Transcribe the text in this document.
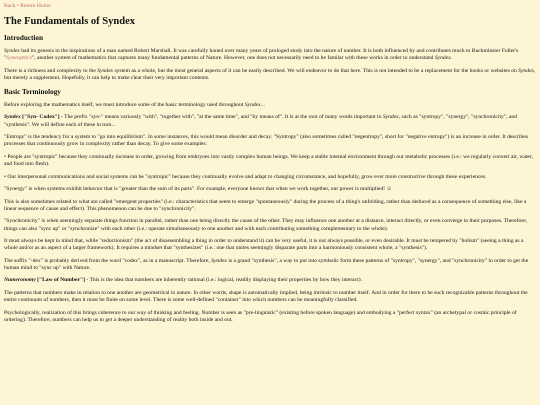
Back • Return Home
The Fundamentals of Syndex
Introduction

Syndex had its genesis in the inspirations of a man named Robert Marshall. It was carefully honed over many years of prologed study into the nature of number. It is both influenced by and contributes much to Buckminster Fuller's "Synergetics", another system of mathematics that captures many fundamental patterns of Nature. However, one does not necessarily need to be familar with these works in order to understand Syndex.

There is a richness and complexity to the Syndex system as a whole, but the most general aspects of it can be easily described. We will endeavor to do that here. This is not intended to be a replacement for the books or websites on Syndex, but merely a supplement. Hopefully, it can help to make clear their very important contents.

Basic Terminology

Before exploring the mathematics itself, we must introduce some of the basic terminology used throughout Syndex...

Syndex ["Syn- Codex"] - The prefix "syn-" means variously "with", "together with", "at the same time", and "by means of". It is at the root of many words important to Syndex, such as "syntropy", "synergy", "synchronicity", and "synthesis". We will define each of these in turn...

"Entropy" is the tendency for a system to "go into equilibrium". In some instances, this would mean disorder and decay. "Syntropy" (also sometimes called "negentropy", short for "negative entropy") is an increase in order. It describes processes that continuously grow in complexity rather than decay. To give some examples:

• People are "syntropic" because they continually increase in order, growing from embryoes into vastly complex human beings. We keep a stable internal environment through our metabolic processes (i.e.: we regularly convert air, water, and food into flesh).

• Our interpersonal communications and social systems can be "syntropic" because they continually evolve and adapt to changing circumstance, and hopefully, grow ever more constructive through these experiences.

"Synergy" is when systems exhibit behavior that is "greater than the sum of its parts". For example, everyone knows that when we work together, our power is multiplied! ☺

This is also sometimes related to what are called "emergent properties" (i.e.: characteristics that seem to emerge "spontaneously" during the process of a thing's unfolding, rather than deduced as a consequence of something else, like a linear sequence of cause and effect). This phenomenon can be due to "synchronicity".

"Synchronicity" is when seemingly separate things function in parallel, rather than one being directly the cause of the other. They may influence one another at a distance, interact directly, or even converge in their purposes. Therefore, things can also "sync up" or "synchronize" with each other (i.e.: operate simultaneously to one another and with each contributing something complementary to the whole).

It must always be kept in mind that, while "reductionism" (the act of disassembling a thing in order to understand it) can be very useful, it is not always possible, or even desirable. It must be tempered by "holism" (seeing a thing as a whole and/or as an aspect of a larger framework). It requires a mindset that "synthesizes" (i.e.: one that unites seemingly disparate parts into a harmoniously consistent whole, a "synthesis").

The suffix "-dex" is probably derived from the word "codex", as in a manuscript. Therefore, Syndex is a grand "synthesis", a way to put into symbolic form these patterns of "syntropy", "synergy", and "synchronicity" in order to get the human mind to "sync up" with Nature.

Numeronomy ["Law of Number"] - This is the idea that numbers are inherently rational (i.e.: logical, readily displaying their properties by how they interact).

The patterns that numbers make in relation to one another are geometrical in nature. In other words, shape is automatically implied, being intrinsic to number itself. And in order for there to be such recognizable patterns throughout the entire continuum of numbers, then it must be finite on some level. There is some well-defined "container" into which numbers can be meaningfully classified.

Psychologically, realization of this brings coherence to our way of thinking and feeling. Number is seen as "pre-linguistic" (existing before spoken language) and embodying a "perfect syntax" (an archetypal or cosmic principle of ordering). Therefore, numbers can help us to get a deeper understanding of reality both inside and out.
